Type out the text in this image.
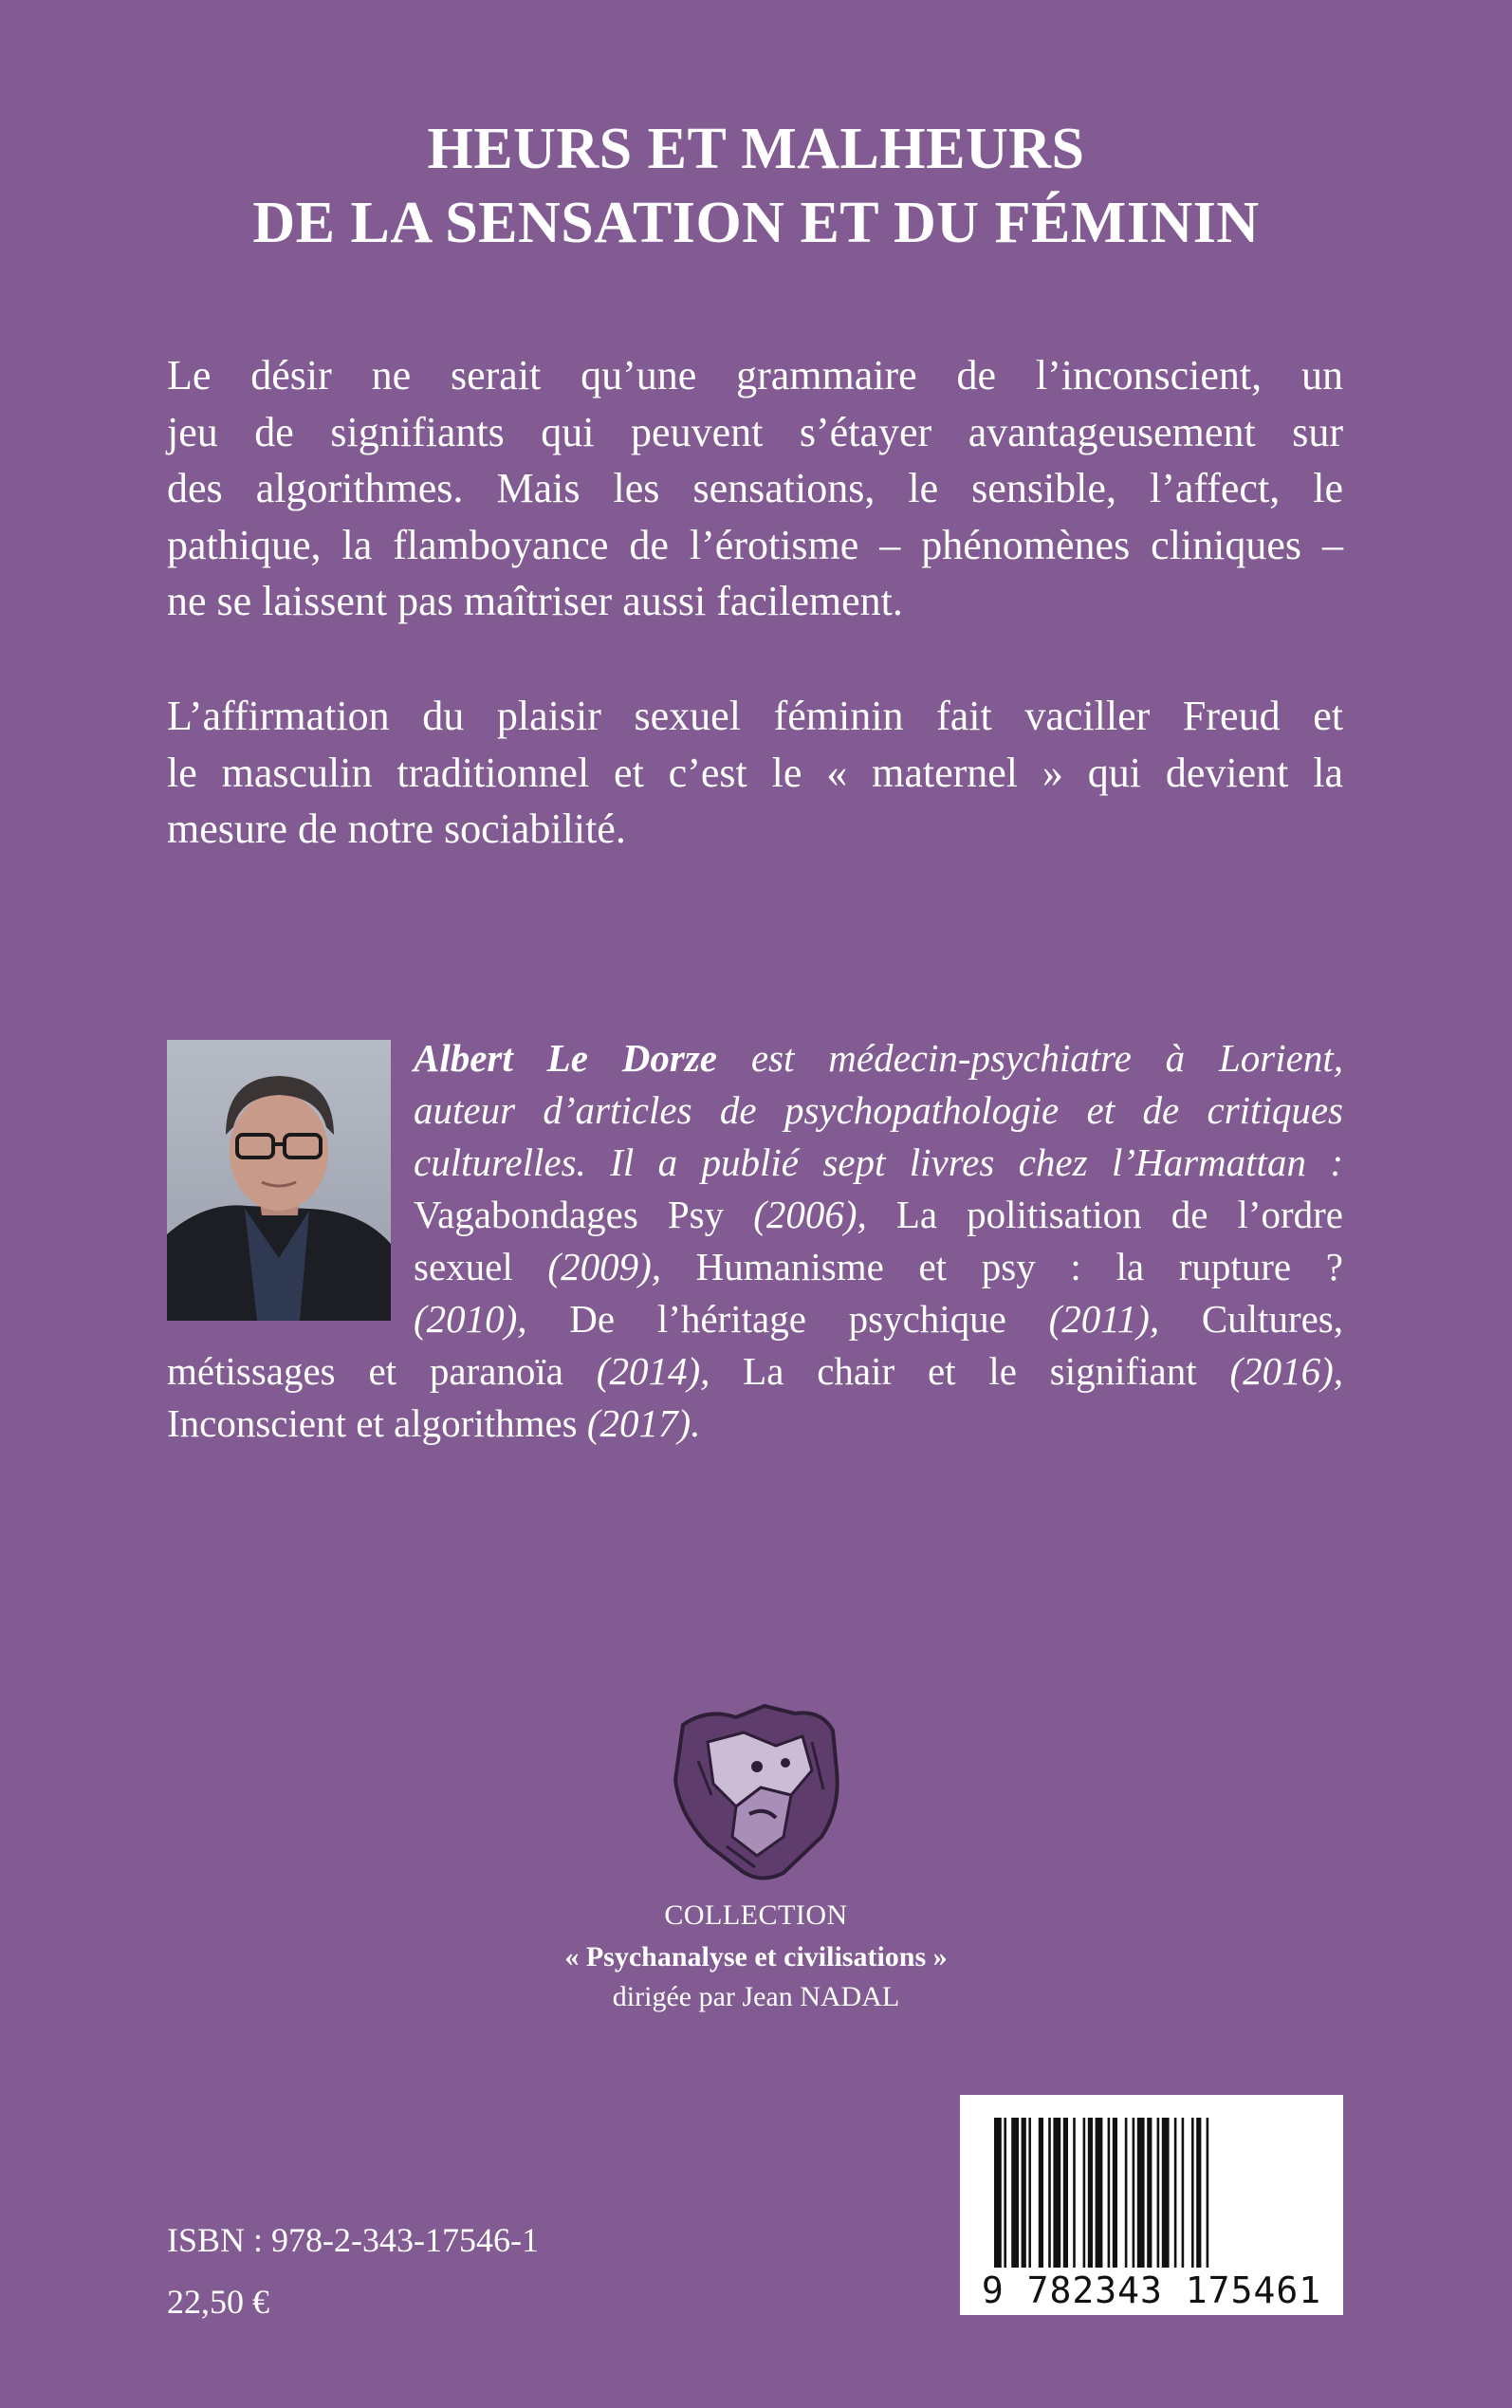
HEURS ET MALHEURS
DE LA SENSATION ET DU FÉMININ
Le désir ne serait qu’une grammaire de l’inconscient, un
jeu de signifiants qui peuvent s’étayer avantageusement sur
des algorithmes. Mais les sensations, le sensible, l’affect, le
pathique, la flamboyance de l’érotisme – phénomènes cliniques –
ne se laissent pas maîtriser aussi facilement.
L’affirmation du plaisir sexuel féminin fait vaciller Freud et
le masculin traditionnel et c’est le « maternel » qui devient la
mesure de notre sociabilité.
Albert Le Dorze est médecin-psychiatre à Lorient,
auteur d’articles de psychopathologie et de critiques
culturelles. Il a publié sept livres chez l’Harmattan :
Vagabondages Psy (2006), La politisation de l’ordre
sexuel (2009), Humanisme et psy : la rupture ?
(2010), De l’héritage psychique (2011), Cultures,
métissages et paranoïa (2014), La chair et le signifiant (2016),
Inconscient et algorithmes (2017).
COLLECTION
« Psychanalyse et civilisations »
dirigée par Jean NADAL
ISBN : 978-2-343-17546-1
22,50 €	9 782343 175461
